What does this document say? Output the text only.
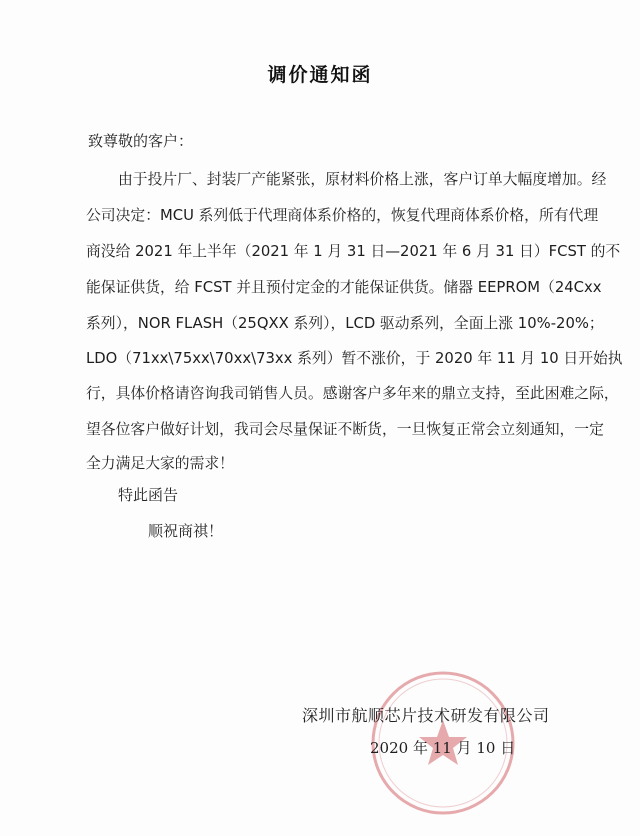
调价通知函
致尊敬的客户：
由于投片厂、封装厂产能紧张，原材料价格上涨，客户订单大幅度增加。经
公司决定：MCU 系列低于代理商体系价格的，恢复代理商体系价格，所有代理
商没给 2021 年上半年（2021 年 1 月 31 日—2021 年 6 月 31 日）FCST 的不
能保证供货，给 FCST 并且预付定金的才能保证供货。储器 EEPROM（24Cxx
系列），NOR FLASH（25QXX 系列），LCD 驱动系列，全面上涨 10%-20%；
LDO（71xx\75xx\70xx\73xx 系列）暂不涨价，于 2020 年 11 月 10 日开始执
行，具体价格请咨询我司销售人员。感谢客户多年来的鼎立支持，至此困难之际，
望各位客户做好计划，我司会尽量保证不断货，一旦恢复正常会立刻通知，一定
全力满足大家的需求！
特此函告
顺祝商祺！
深圳市航顺芯片技术研发有限公司
2020 年 11 月 10 日
